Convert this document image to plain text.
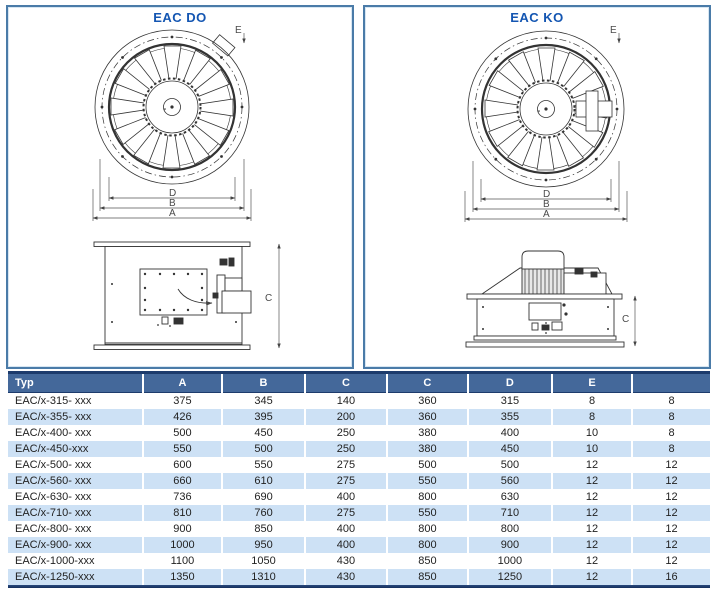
EAC DO
D
B
A
E
C
EAC KO
D
B
A
E
C
Typ	A	B	C	C	D	E	
EAC/x-315- xxx	375	345	140	360	315	8	8
EAC/x-355- xxx	426	395	200	360	355	8	8
EAC/x-400- xxx	500	450	250	380	400	10	8
EAC/x-450-xxx	550	500	250	380	450	10	8
EAC/x-500- xxx	600	550	275	500	500	12	12
EAC/x-560- xxx	660	610	275	550	560	12	12
EAC/x-630- xxx	736	690	400	800	630	12	12
EAC/x-710- xxx	810	760	275	550	710	12	12
EAC/x-800- xxx	900	850	400	800	800	12	12
EAC/x-900- xxx	1000	950	400	800	900	12	12
EAC/x-1000-xxx	1100	1050	430	850	1000	12	12
EAC/x-1250-xxx	1350	1310	430	850	1250	12	16
